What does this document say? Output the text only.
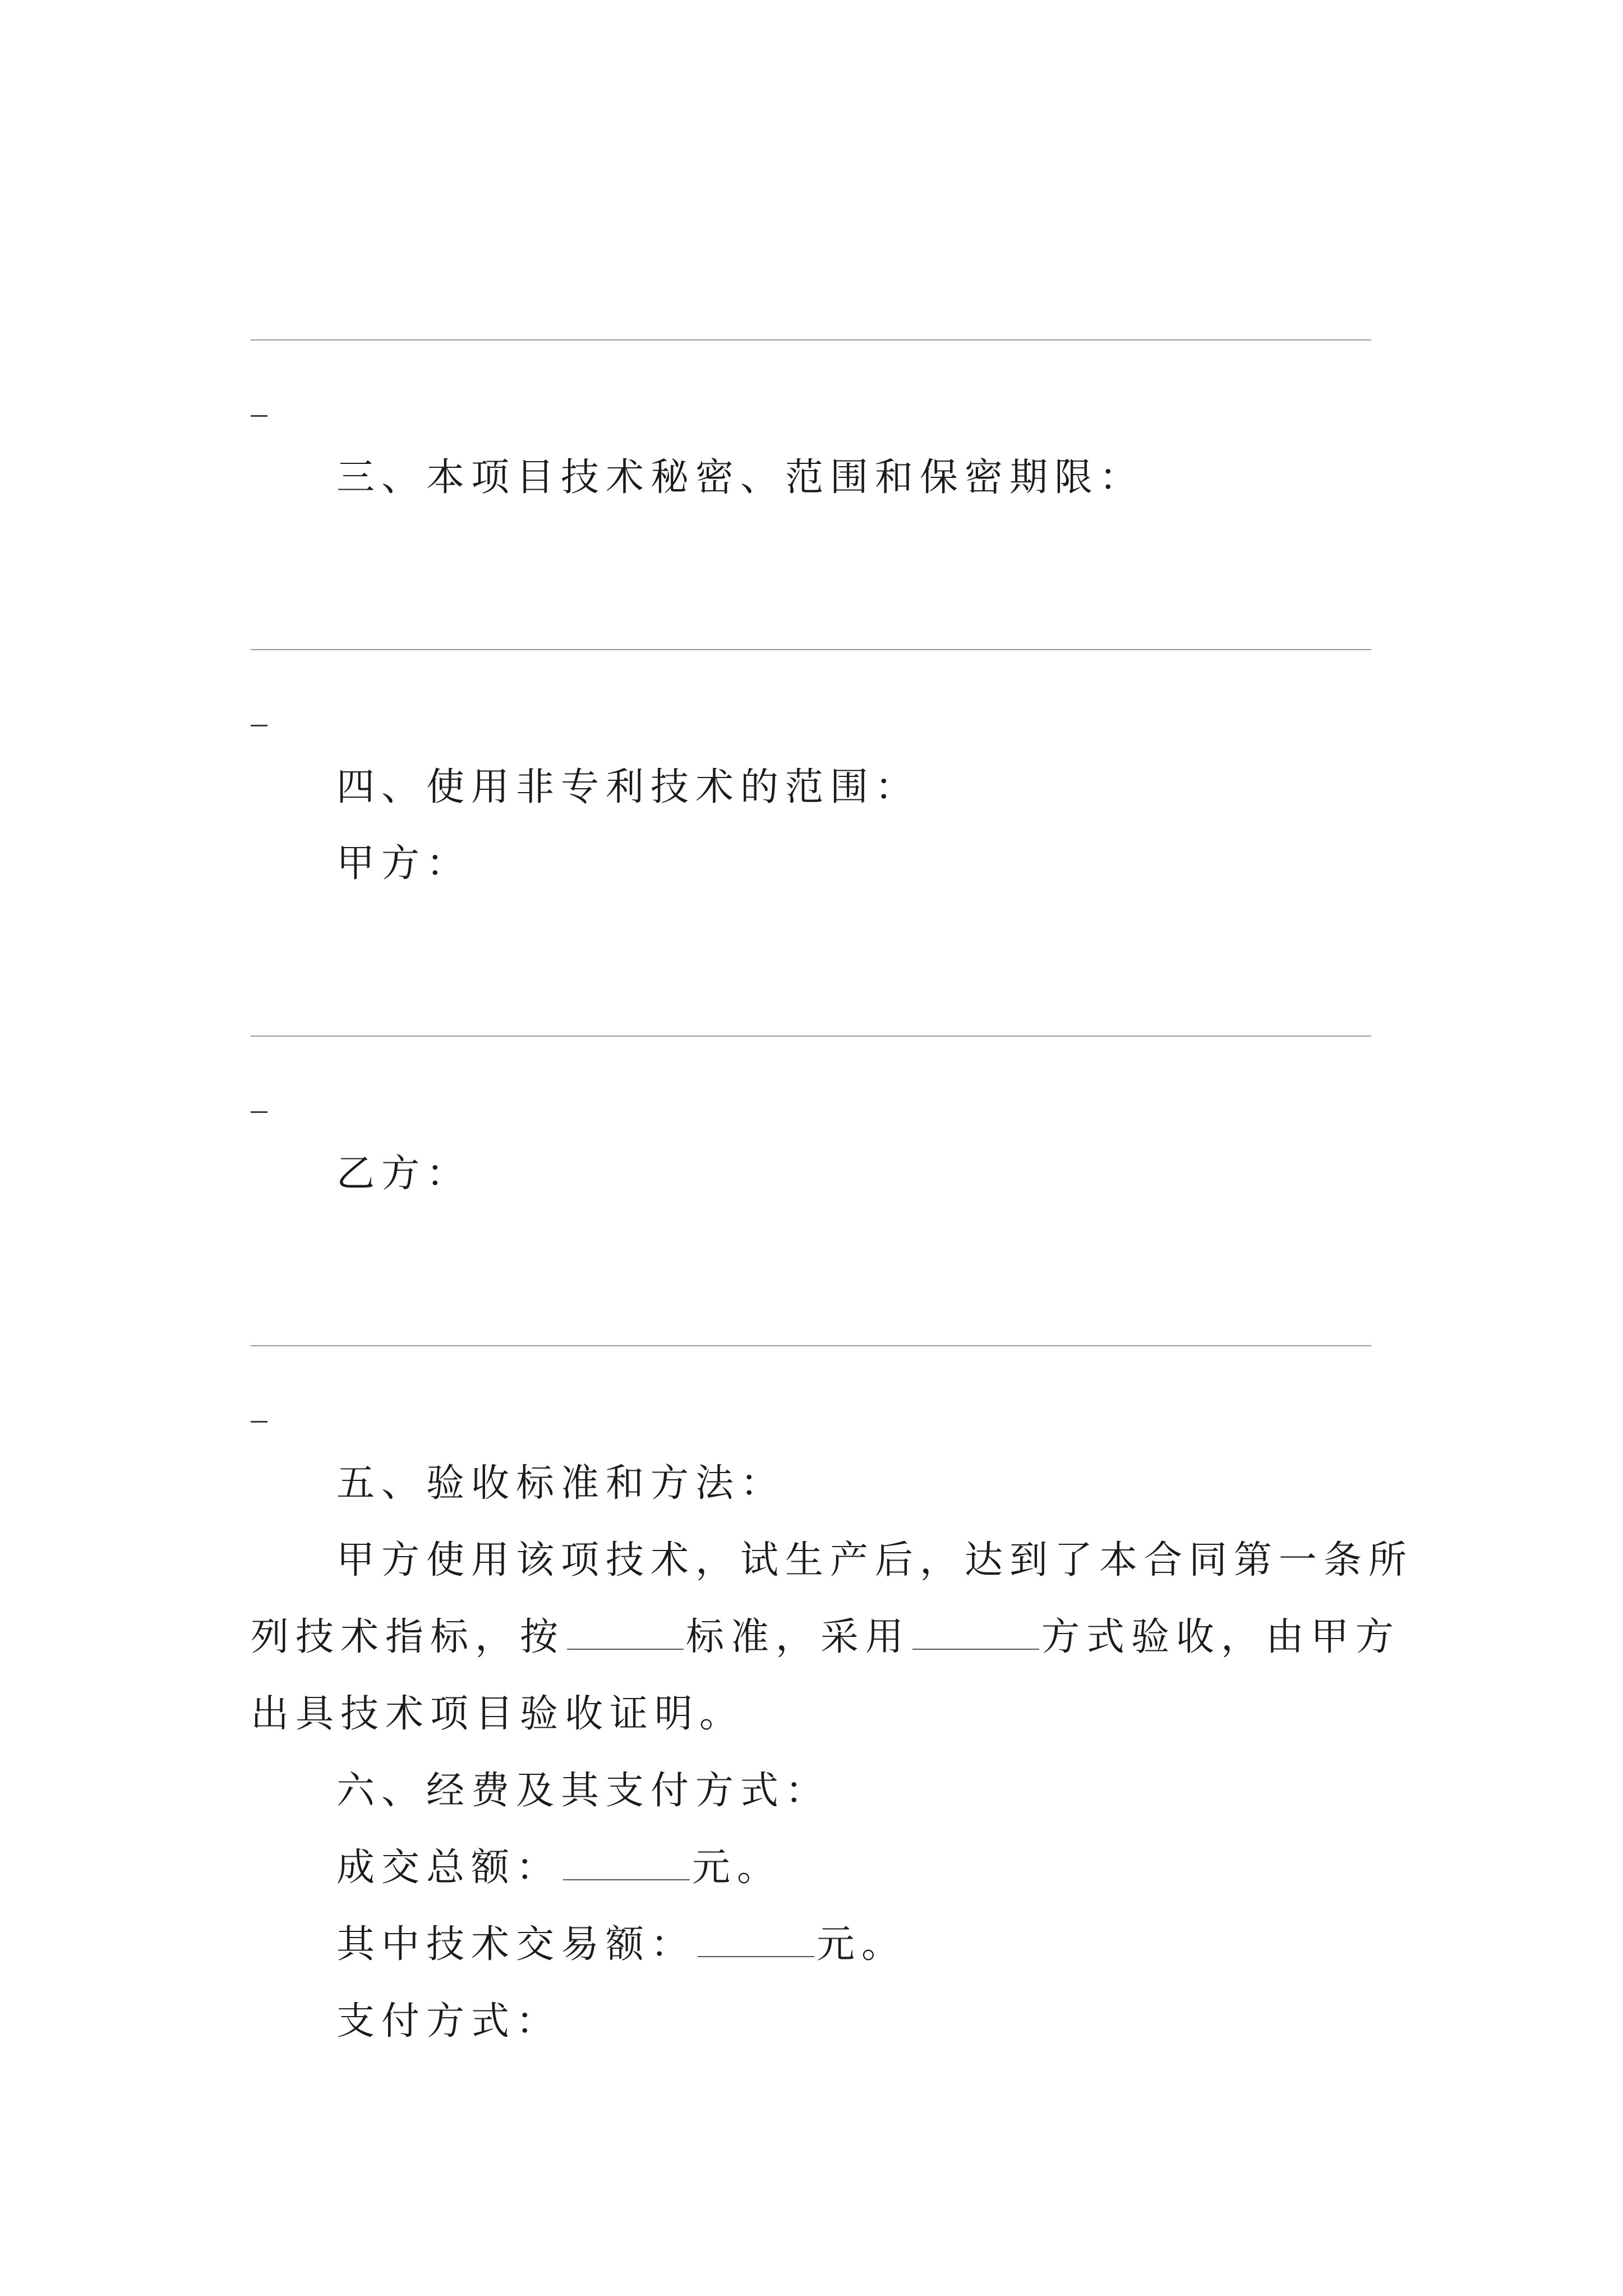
三、本项目技术秘密、范围和保密期限：
四、使用非专利技术的范围：
甲方：
乙方：
五、验收标准和方法：
甲方使用该项技术，试生产后，达到了本合同第一条所
列技术指标，按	标准，采用	方式验收，由甲方
出具技术项目验收证明。
六、经费及其支付方式：
成交总额：	元。
其中技术交易额：	元。
支付方式：
